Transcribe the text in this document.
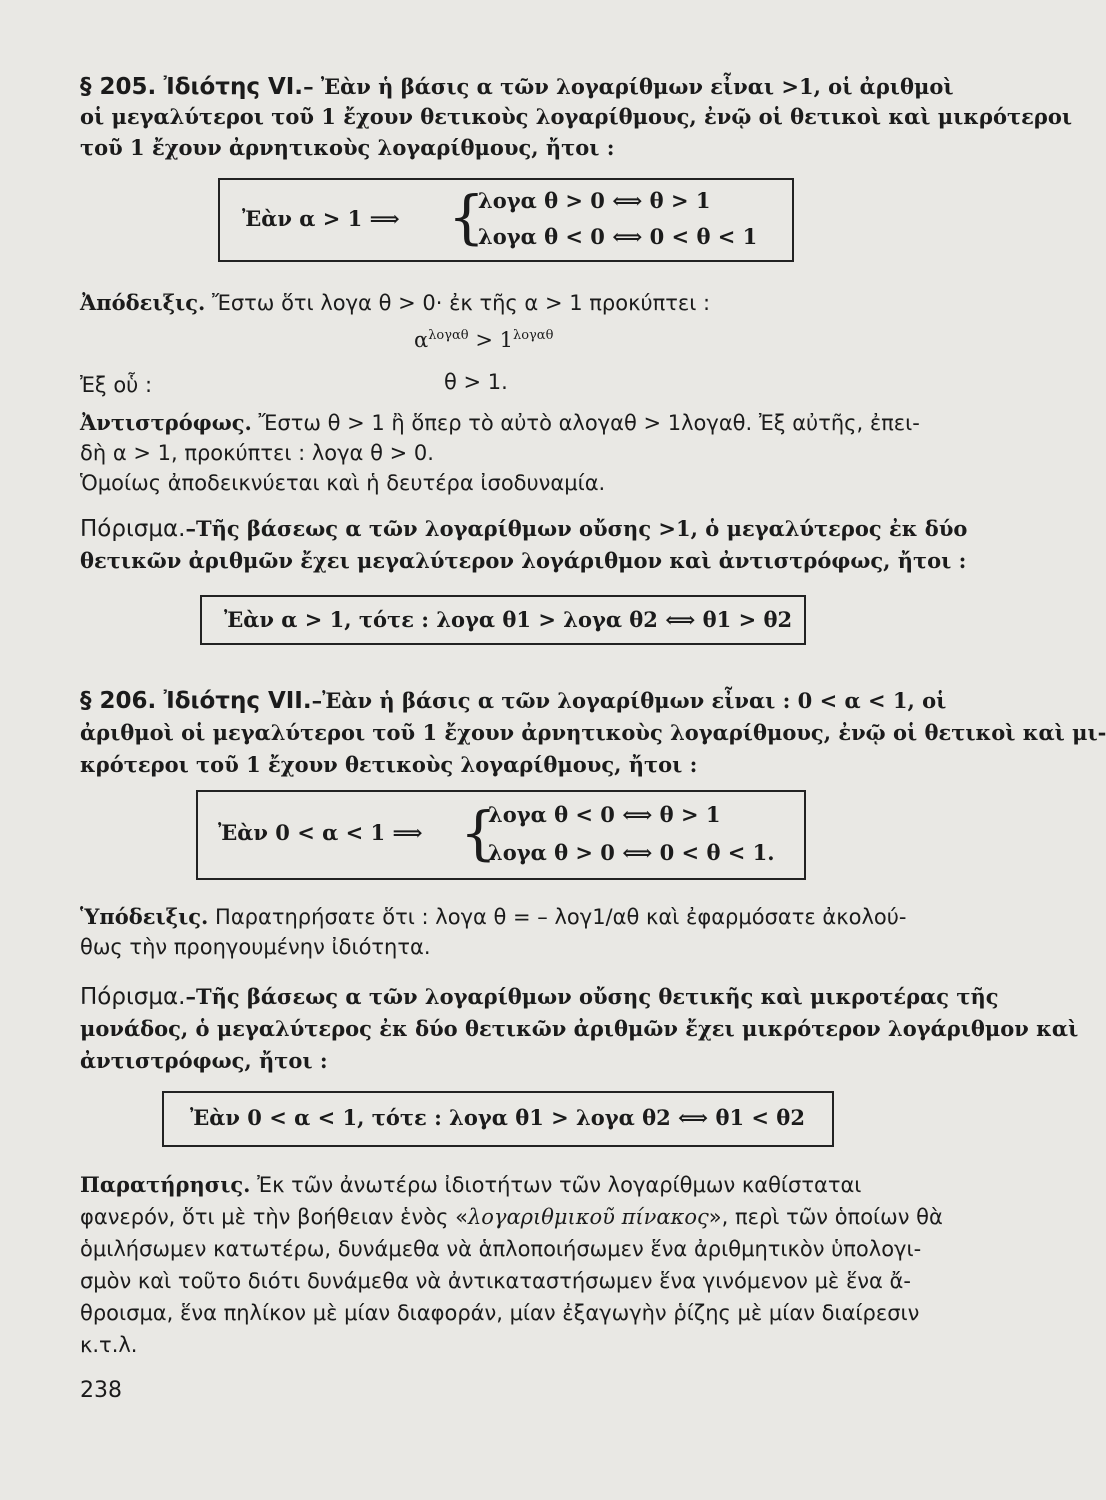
§ 205. Ἰδιότης VI.– Ἐὰν ἡ βάσις α τῶν λογαρίθμων εἶναι >1, οἱ ἀριθμοὶ
οἱ μεγαλύτεροι τοῦ 1 ἔχουν θετικοὺς λογαρίθμους, ἐνῷ οἱ θετικοὶ καὶ μικρότεροι
τοῦ 1 ἔχουν ἀρνητικοὺς λογαρίθμους, ἤτοι :
Ἐὰν α > 1 ⟹ {
λογα θ > 0 ⟺ θ > 1
λογα θ < 0 ⟺ 0 < θ < 1
Ἀπόδειξις. Ἔστω ὅτι λογα θ > 0· ἐκ τῆς α > 1 προκύπτει :
$\alpha^{\lambda o\gamma\alpha\theta} > 1^{\lambda o\gamma\alpha\theta}$
Ἐξ οὗ :	θ > 1.
Ἀντιστρόφως. Ἔστω θ > 1 ἢ ὅπερ τὸ αὐτὸ αλογαθ > 1λογαθ. Ἐξ αὐτῆς, ἐπει-
δὴ α > 1, προκύπτει : λογα θ > 0.
Ὁμοίως ἀποδεικνύεται καὶ ἡ δευτέρα ἰσοδυναμία.
Πόρισμα.–Τῆς βάσεως α τῶν λογαρίθμων οὔσης >1, ὁ μεγαλύτερος ἐκ δύο
θετικῶν ἀριθμῶν ἔχει μεγαλύτερον λογάριθμον καὶ ἀντιστρόφως, ἤτοι :
Ἐὰν α > 1, τότε : λογα θ1 > λογα θ2 ⟺ θ1 > θ2
§ 206. Ἰδιότης VII.–Ἐὰν ἡ βάσις α τῶν λογαρίθμων εἶναι : 0 < α < 1, οἱ
ἀριθμοὶ οἱ μεγαλύτεροι τοῦ 1 ἔχουν ἀρνητικοὺς λογαρίθμους, ἐνῷ οἱ θετικοὶ καὶ μι-
κρότεροι τοῦ 1 ἔχουν θετικοὺς λογαρίθμους, ἤτοι :
Ἐὰν 0 < α < 1 ⟹ {
λογα θ < 0 ⟺ θ > 1
λογα θ > 0 ⟺ 0 < θ < 1.
Ὑπόδειξις. Παρατηρήσατε ὅτι : λογα θ = – λογ1/αθ καὶ ἐφαρμόσατε ἀκολού-
θως τὴν προηγουμένην ἰδιότητα.
Πόρισμα.–Τῆς βάσεως α τῶν λογαρίθμων οὔσης θετικῆς καὶ μικροτέρας τῆς
μονάδος, ὁ μεγαλύτερος ἐκ δύο θετικῶν ἀριθμῶν ἔχει μικρότερον λογάριθμον καὶ
ἀντιστρόφως, ἤτοι :
Ἐὰν 0 < α < 1, τότε : λογα θ1 > λογα θ2 ⟺ θ1 < θ2
Παρατήρησις. Ἐκ τῶν ἀνωτέρω ἰδιοτήτων τῶν λογαρίθμων καθίσταται
φανερόν, ὅτι μὲ τὴν βοήθειαν ἑνὸς «λογαριθμικοῦ πίνακος», περὶ τῶν ὁποίων θὰ
ὁμιλήσωμεν κατωτέρω, δυνάμεθα νὰ ἁπλοποιήσωμεν ἕνα ἀριθμητικὸν ὑπολογι-
σμὸν καὶ τοῦτο διότι δυνάμεθα νὰ ἀντικαταστήσωμεν ἕνα γινόμενον μὲ ἕνα ἄ-
θροισμα, ἕνα πηλίκον μὲ μίαν διαφοράν, μίαν ἐξαγωγὴν ῥίζης μὲ μίαν διαίρεσιν
κ.τ.λ.
238
